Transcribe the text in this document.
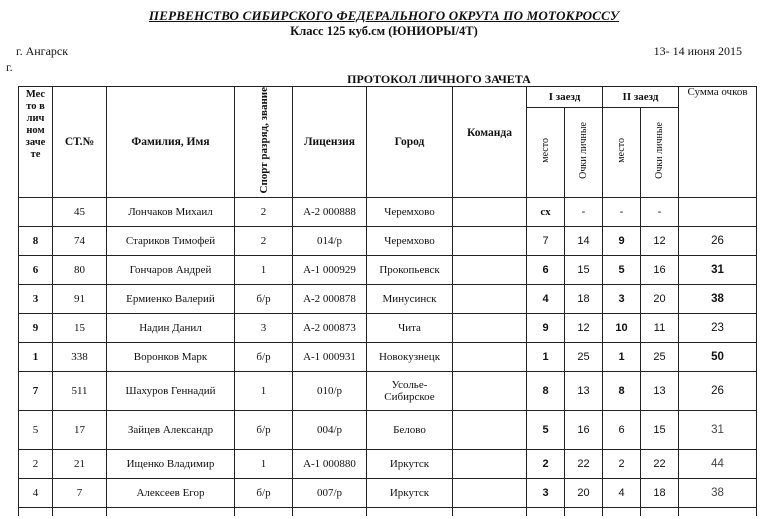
ПЕРВЕНСТВО СИБИРСКОГО ФЕДЕРАЛЬНОГО ОКРУГА ПО МОТОКРОССУ
Класс 125 куб.см (ЮНИОРЫ/4Т)
г. Ангарск	13- 14 июня 2015
г.
ПРОТОКОЛ ЛИЧНОГО ЗАЧЕТА
Мес то в лич ном заче те	СТ.№	Фамилия, Имя	Спорт разряд, звание	Лицензия	Город	Команда	I заезд		II заезд		Сумма очков
							место	Очки личные	место	Очки личные	
	45	Лончаков Михаил	2	А-2 000888	Черемхово		сх	-	-	-	
8	74	Стариков Тимофей	2	014/р	Черемхово		7	14	9	12	26
6	80	Гончаров Андрей	1	А-1 000929	Прокопьевск		6	15	5	16	31
3	91	Ермиенко Валерий	б/р	А-2 000878	Минусинск		4	18	3	20	38
9	15	Надин Данил	3	А-2 000873	Чита		9	12	10	11	23
1	338	Воронков Марк	б/р	А-1 000931	Новокузнецк		1	25	1	25	50
7	511	Шахуров Геннадий	1	010/р	Усолье-Сибирское		8	13	8	13	26
5	17	Зайцев Александр	б/р	004/р	Белово		5	16	6	15	31
2	21	Ищенко Владимир	1	А-1 000880	Иркутск		2	22	2	22	44
4	7	Алексеев Егор	б/р	007/р	Иркутск		3	20	4	18	38
